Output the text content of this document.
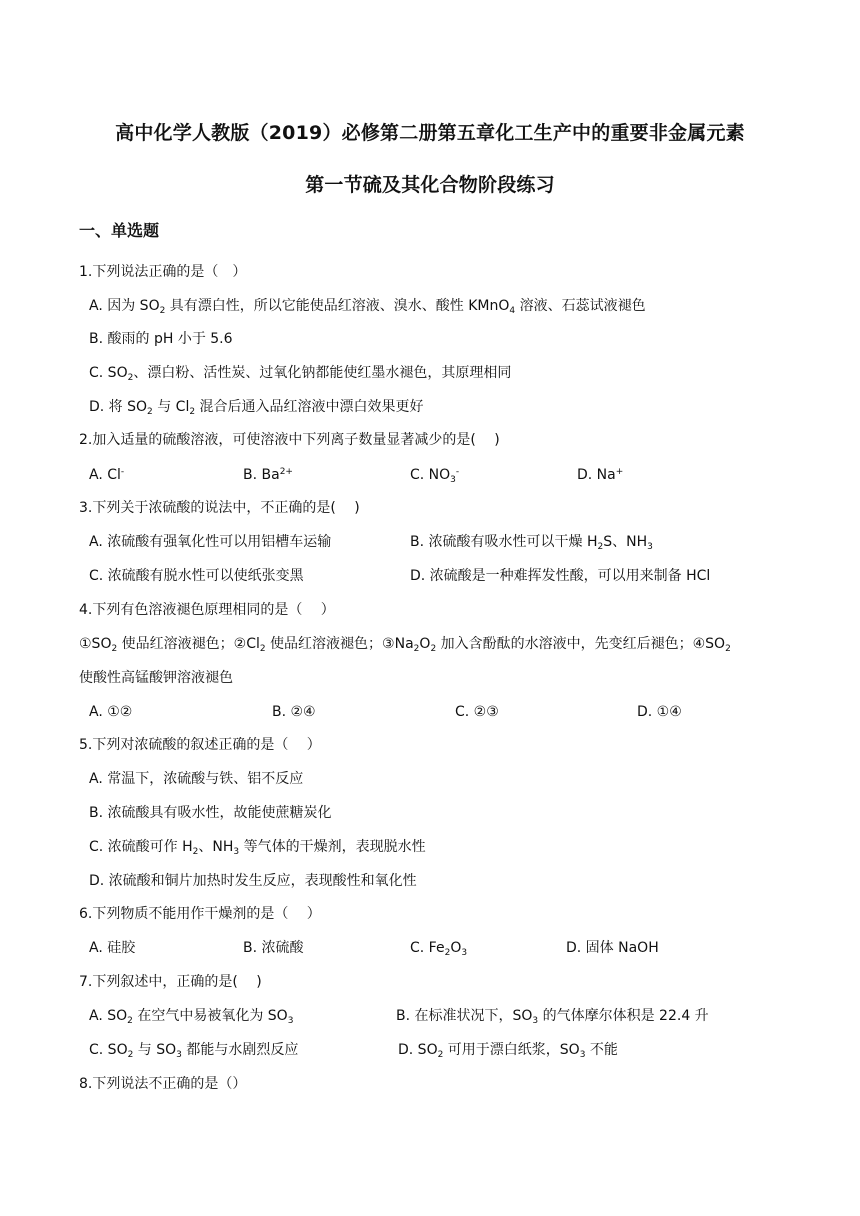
高中化学人教版（2019）必修第二册第五章化工生产中的重要非金属元素
第一节硫及其化合物阶段练习
一、单选题
1.下列说法正确的是（　）
A. 因为 $SO_2$ 具有漂白性，所以它能使品红溶液、溴水、酸性 KMnO$_4$ 溶液、石蕊试液褪色
B. 酸雨的 pH 小于 5.6
C. $SO_2$、漂白粉、活性炭、过氧化钠都能使红墨水褪色，其原理相同
D. 将 $SO_2$ 与 $Cl_2$ 混合后通入品红溶液中漂白效果更好
2.加入适量的硫酸溶液，可使溶液中下列离子数量显著减少的是(　 )
A. Cl-	B. $Ba^{2+}$	C. $NO_3^-$	D. Na+
3.下列关于浓硫酸的说法中，不正确的是(　 )
A. 浓硫酸有强氧化性可以用铝槽车运输	B. 浓硫酸有吸水性可以干燥 $H_2S$、$NH_3$
C. 浓硫酸有脱水性可以使纸张变黑	D. 浓硫酸是一种难挥发性酸，可以用来制备 HCl
4.下列有色溶液褪色原理相同的是（　 ）
$①SO_2$ 使品红溶液褪色；$②Cl_2$ 使品红溶液褪色；$③Na_2O_2$ 加入含酚酞的水溶液中，先变红后褪色；$④SO_2$
使酸性高锰酸钾溶液褪色
A. ①②	B. ②④	C. ②③	D. ①④
5.下列对浓硫酸的叙述正确的是（　 ）
A. 常温下，浓硫酸与铁、铝不反应
B. 浓硫酸具有吸水性，故能使蔗糖炭化
C. 浓硫酸可作 $H_2$、$NH_3$ 等气体的干燥剂，表现脱水性
D. 浓硫酸和铜片加热时发生反应，表现酸性和氧化性
6.下列物质不能用作干燥剂的是（　 ）
A. 硅胶	B. 浓硫酸	C. $Fe_2O_3$	D. 固体 NaOH
7.下列叙述中，正确的是(　 )
A. $SO_2$ 在空气中易被氧化为 $SO_3$	B. 在标准状况下，$SO_3$ 的气体摩尔体积是 22.4 升
C. $SO_2$ 与 $SO_3$ 都能与水剧烈反应	D. $SO_2$ 可用于漂白纸浆，$SO_3$ 不能
8.下列说法不正确的是（）
